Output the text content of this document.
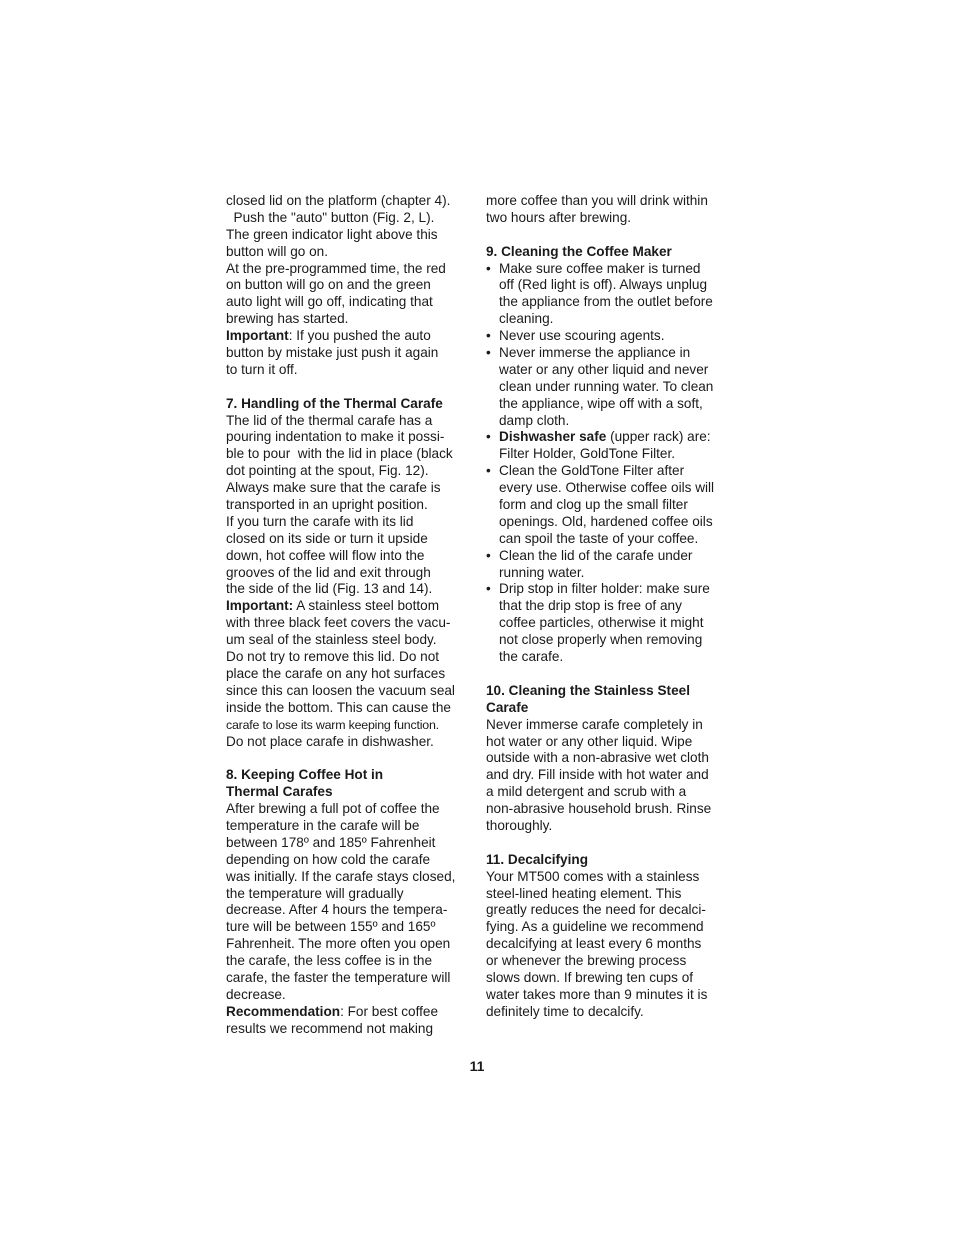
closed lid on the platform (chapter 4).
Push the "auto" button (Fig. 2, L).
The green indicator light above this
button will go on.
At the pre-programmed time, the red
on button will go on and the green
auto light will go off, indicating that
brewing has started.
Important: If you pushed the auto
button by mistake just push it again
to turn it off.
7. Handling of the Thermal Carafe
The lid of the thermal carafe has a
pouring indentation to make it possi-
ble to pour  with the lid in place (black
dot pointing at the spout, Fig. 12).
Always make sure that the carafe is
transported in an upright position.
If you turn the carafe with its lid
closed on its side or turn it upside
down, hot coffee will flow into the
grooves of the lid and exit through
the side of the lid (Fig. 13 and 14).
Important: A stainless steel bottom
with three black feet covers the vacu-
um seal of the stainless steel body.
Do not try to remove this lid. Do not
place the carafe on any hot surfaces
since this can loosen the vacuum seal
inside the bottom. This can cause the
carafe to lose its warm keeping function.
Do not place carafe in dishwasher.
8. Keeping Coffee Hot in
Thermal Carafes
After brewing a full pot of coffee the
temperature in the carafe will be
between 178º and 185º Fahrenheit
depending on how cold the carafe
was initially. If the carafe stays closed,
the temperature will gradually
decrease. After 4 hours the tempera-
ture will be between 155º and 165º
Fahrenheit. The more often you open
the carafe, the less coffee is in the
carafe, the faster the temperature will
decrease.
Recommendation: For best coffee
results we recommend not making
more coffee than you will drink within
two hours after brewing.
9. Cleaning the Coffee Maker
• Make sure coffee maker is turned
off (Red light is off). Always unplug
the appliance from the outlet before
cleaning.
• Never use scouring agents.
• Never immerse the appliance in
water or any other liquid and never
clean under running water. To clean
the appliance, wipe off with a soft,
damp cloth.
• Dishwasher safe (upper rack) are:
Filter Holder, GoldTone Filter.
• Clean the GoldTone Filter after
every use. Otherwise coffee oils will
form and clog up the small filter
openings. Old, hardened coffee oils
can spoil the taste of your coffee.
• Clean the lid of the carafe under
running water.
• Drip stop in filter holder: make sure
that the drip stop is free of any
coffee particles, otherwise it might
not close properly when removing
the carafe.
10. Cleaning the Stainless Steel
Carafe
Never immerse carafe completely in
hot water or any other liquid. Wipe
outside with a non-abrasive wet cloth
and dry. Fill inside with hot water and
a mild detergent and scrub with a
non-abrasive household brush. Rinse
thoroughly.
11. Decalcifying
Your MT500 comes with a stainless
steel-lined heating element. This
greatly reduces the need for decalci-
fying. As a guideline we recommend
decalcifying at least every 6 months
or whenever the brewing process
slows down. If brewing ten cups of
water takes more than 9 minutes it is
definitely time to decalcify.
11
